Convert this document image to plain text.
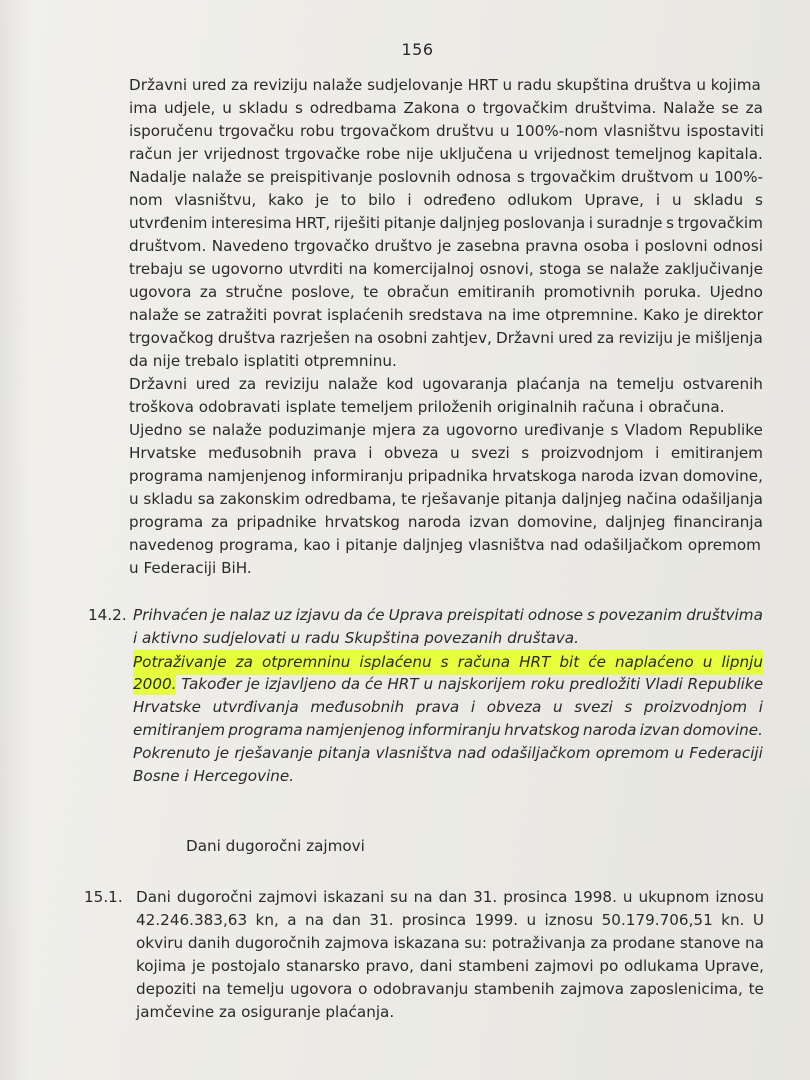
156
Državni ured za reviziju nalaže sudjelovanje HRT u radu skupština društva u kojima
ima udjele, u skladu s odredbama Zakona o trgovačkim društvima. Nalaže se za
isporučenu trgovačku robu trgovačkom društvu u 100%-nom vlasništvu ispostaviti
račun jer vrijednost trgovačke robe nije uključena u vrijednost temeljnog kapitala.
Nadalje nalaže se preispitivanje poslovnih odnosa s trgovačkim društvom u 100%-
nom vlasništvu, kako je to bilo i određeno odlukom Uprave, i u skladu s
utvrđenim interesima HRT, riješiti pitanje daljnjeg poslovanja i suradnje s trgovačkim
društvom. Navedeno trgovačko društvo je zasebna pravna osoba i poslovni odnosi
trebaju se ugovorno utvrditi na komercijalnoj osnovi, stoga se nalaže zaključivanje
ugovora za stručne poslove, te obračun emitiranih promotivnih poruka. Ujedno
nalaže se zatražiti povrat isplaćenih sredstava na ime otpremnine. Kako je direktor
trgovačkog društva razrješen na osobni zahtjev, Državni ured za reviziju je mišljenja
da nije trebalo isplatiti otpremninu.
Državni ured za reviziju nalaže kod ugovaranja plaćanja na temelju ostvarenih
troškova odobravati isplate temeljem priloženih originalnih računa i obračuna.
Ujedno se nalaže poduzimanje mjera za ugovorno uređivanje s Vladom Republike
Hrvatske međusobnih prava i obveza u svezi s proizvodnjom i emitiranjem
programa namjenjenog informiranju pripadnika hrvatskoga naroda izvan domovine,
u skladu sa zakonskim odredbama, te rješavanje pitanja daljnjeg načina odašiljanja
programa za pripadnike hrvatskog naroda izvan domovine, daljnjeg financiranja
navedenog programa, kao i pitanje daljnjeg vlasništva nad odašiljačkom opremom
u Federaciji BiH.
14.2. Prihvaćen je nalaz uz izjavu da će Uprava preispitati odnose s povezanim društvima
i aktivno sudjelovati u radu Skupština povezanih društava.
Potraživanje za otpremninu isplaćenu s računa HRT bit će naplaćeno u lipnju
2000. Također je izjavljeno da će HRT u najskorijem roku predložiti Vladi Republike
Hrvatske utvrđivanja međusobnih prava i obveza u svezi s proizvodnjom i
emitiranjem programa namjenjenog informiranju hrvatskog naroda izvan domovine.
Pokrenuto je rješavanje pitanja vlasništva nad odašiljačkom opremom u Federaciji
Bosne i Hercegovine.
Dani dugoročni zajmovi
15.1. Dani dugoročni zajmovi iskazani su na dan 31. prosinca 1998. u ukupnom iznosu
42.246.383,63 kn, a na dan 31. prosinca 1999. u iznosu 50.179.706,51 kn. U
okviru danih dugoročnih zajmova iskazana su: potraživanja za prodane stanove na
kojima je postojalo stanarsko pravo, dani stambeni zajmovi po odlukama Uprave,
depoziti na temelju ugovora o odobravanju stambenih zajmova zaposlenicima, te
jamčevine za osiguranje plaćanja.
